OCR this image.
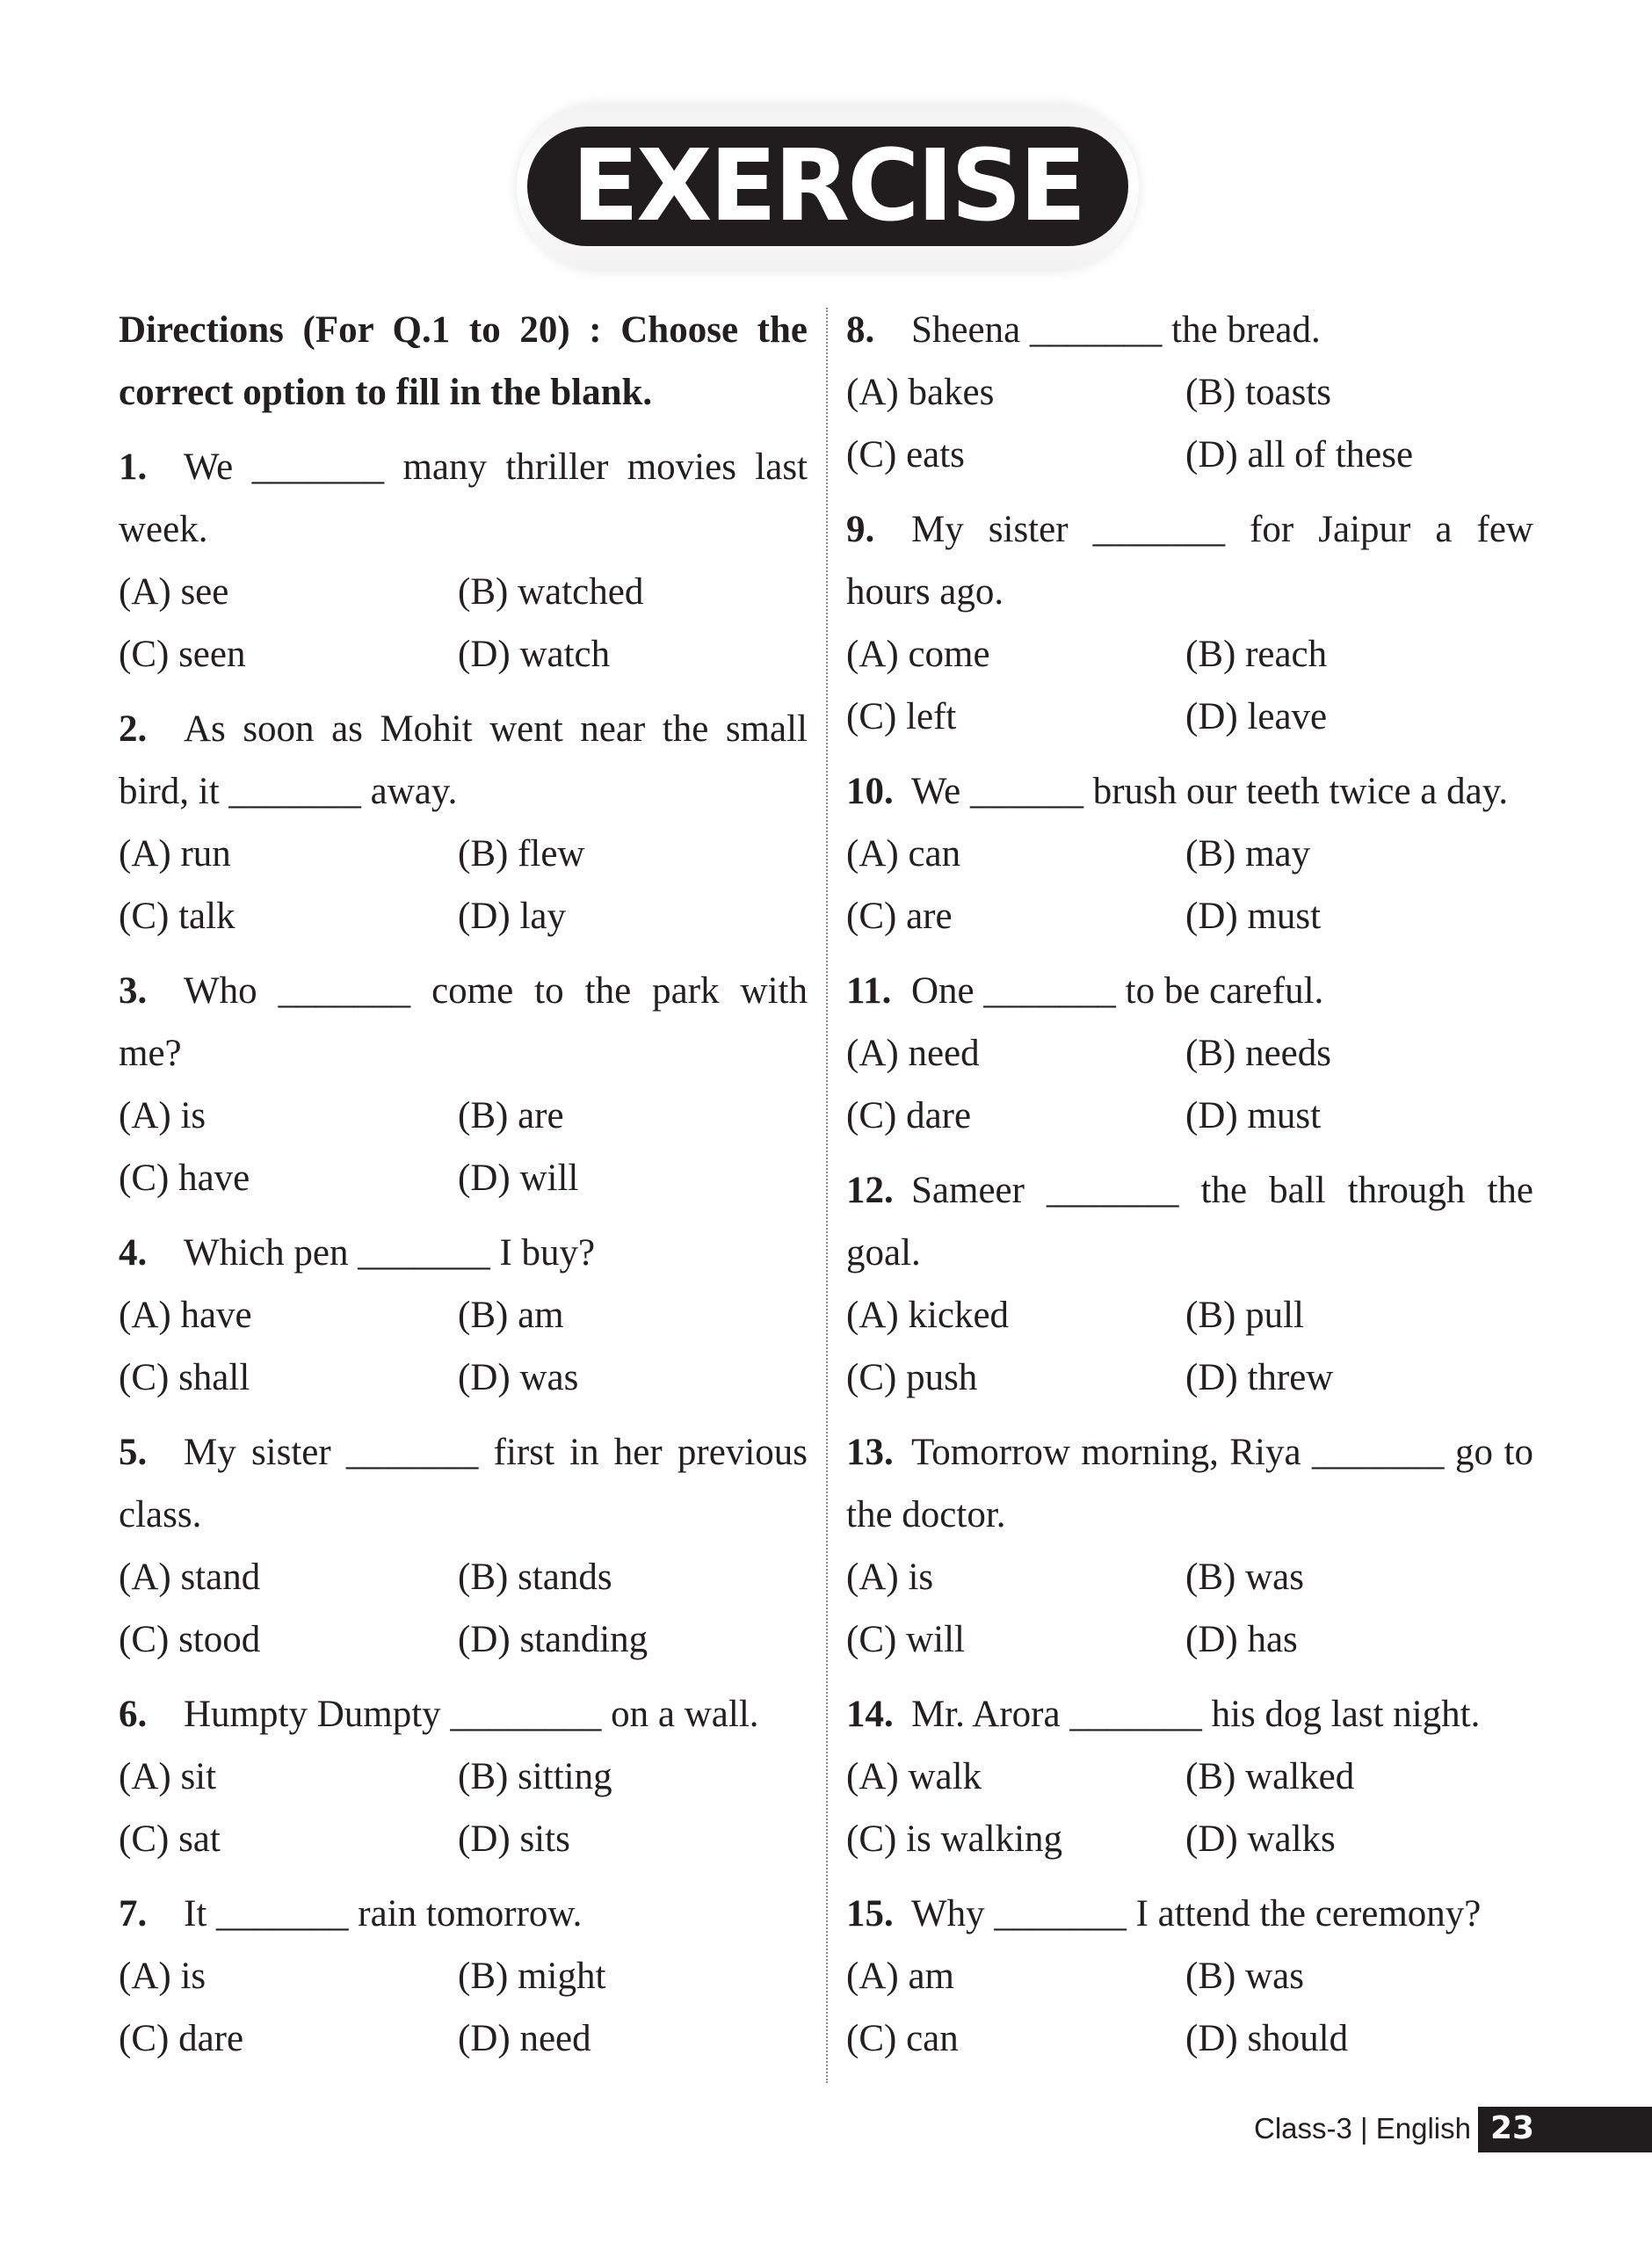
EXERCISE

Directions (For Q.1 to 20) : Choose the correct option to fill in the blank.

1. We _______ many thriller movies last week.

(A) see	(B) watched
(C) seen	(D) watch

2. As soon as Mohit went near the small bird, it _______ away.

(A) run	(B) flew
(C) talk	(D) lay

3. Who _______ come to the park with me?

(A) is	(B) are
(C) have	(D) will

4. Which pen _______ I buy?

(A) have	(B) am
(C) shall	(D) was

5. My sister _______ first in her previous class.

(A) stand	(B) stands
(C) stood	(D) standing

6. Humpty Dumpty ________ on a wall.

(A) sit	(B) sitting
(C) sat	(D) sits

7. It _______ rain tomorrow.

(A) is	(B) might
(C) dare	(D) need

8. Sheena _______ the bread.

(A) bakes	(B) toasts
(C) eats	(D) all of these

9. My sister _______ for Jaipur a few hours ago.

(A) come	(B) reach
(C) left	(D) leave

10. We ______ brush our teeth twice a day.

(A) can	(B) may
(C) are	(D) must

11. One _______ to be careful.

(A) need	(B) needs
(C) dare	(D) must

12. Sameer _______ the ball through the goal.

(A) kicked	(B) pull
(C) push	(D) threw

13. Tomorrow morning, Riya _______ go to the doctor.

(A) is	(B) was
(C) will	(D) has

14. Mr. Arora _______ his dog last night.

(A) walk	(B) walked
(C) is walking	(D) walks

15. Why _______ I attend the ceremony?

(A) am	(B) was
(C) can	(D) should
Class-3 | English 23
